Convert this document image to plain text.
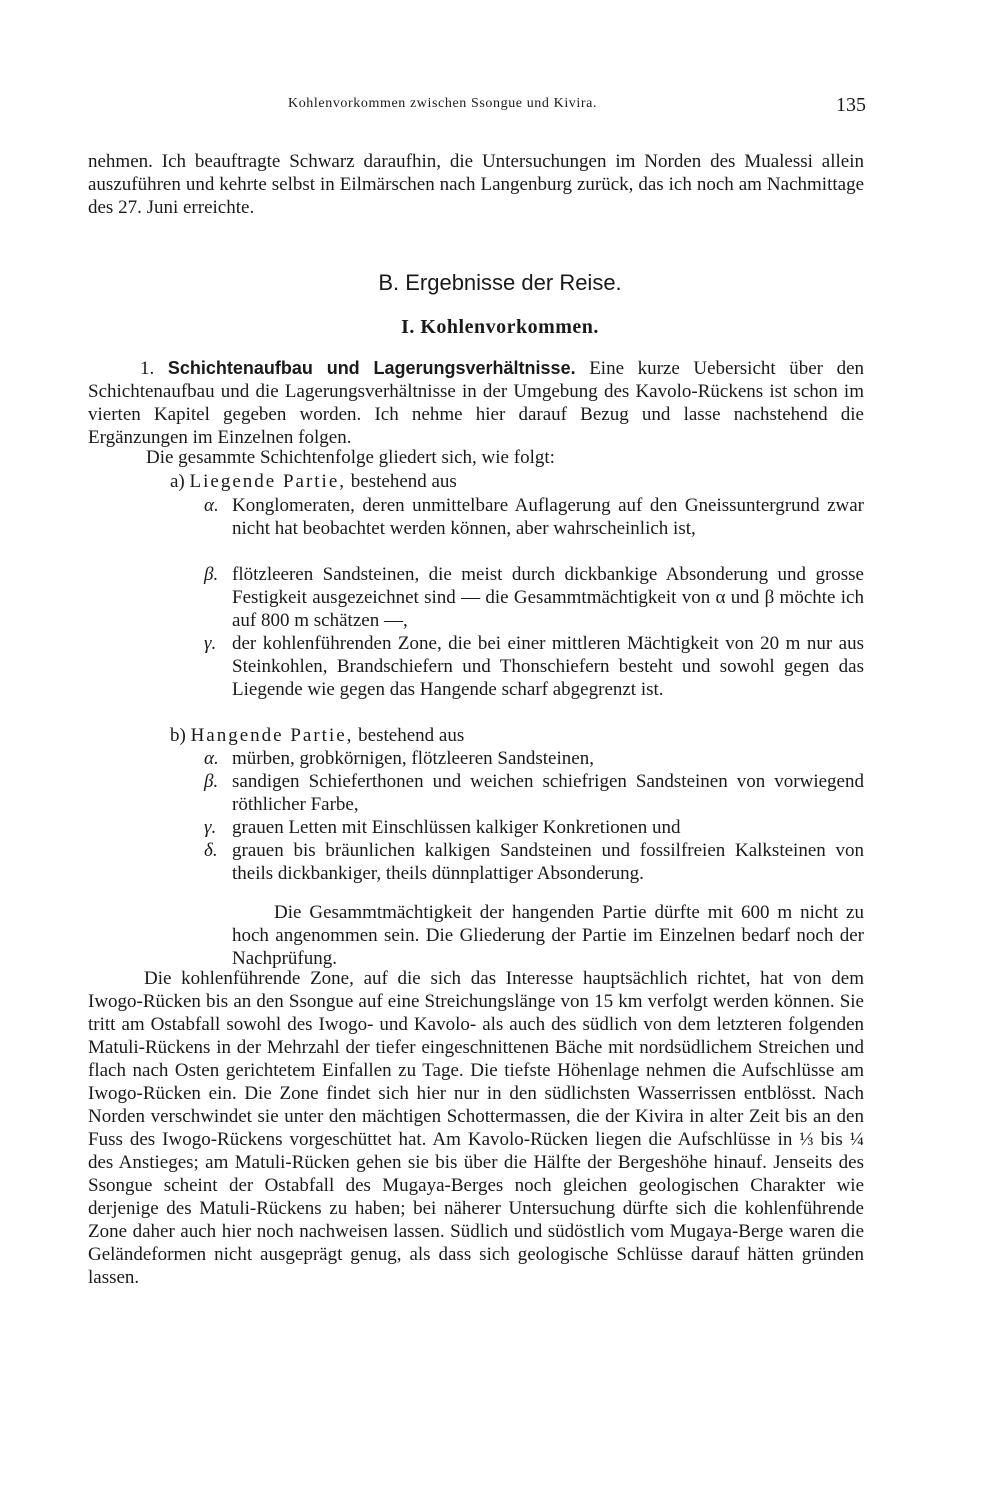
Kohlenvorkommen zwischen Ssongue und Kivira.	135

nehmen. Ich beauftragte Schwarz daraufhin, die Untersuchungen im Norden des Mualessi allein auszuführen und kehrte selbst in Eilmärschen nach Langenburg zurück, das ich noch am Nachmittage des 27. Juni erreichte.

B. Ergebnisse der Reise.
I. Kohlenvorkommen.

1. Schichtenaufbau und Lagerungsverhältnisse. Eine kurze Uebersicht über den Schichtenaufbau und die Lagerungsverhältnisse in der Umgebung des Kavolo-Rückens ist schon im vierten Kapitel gegeben worden. Ich nehme hier darauf Bezug und lasse nachstehend die Ergänzungen im Einzelnen folgen.

Die gesammte Schichtenfolge gliedert sich, wie folgt:

a) Liegende Partie, bestehend aus

α. Konglomeraten, deren unmittelbare Auflagerung auf den Gneissuntergrund zwar nicht hat beobachtet werden können, aber wahrscheinlich ist,
β. flötzleeren Sandsteinen, die meist durch dickbankige Absonderung und grosse Festigkeit ausgezeichnet sind — die Gesammtmächtigkeit von α und β möchte ich auf 800 m schätzen —,
γ. der kohlenführenden Zone, die bei einer mittleren Mächtigkeit von 20 m nur aus Steinkohlen, Brandschiefern und Thonschiefern besteht und sowohl gegen das Liegende wie gegen das Hangende scharf abgegrenzt ist.

b) Hangende Partie, bestehend aus

α. mürben, grobkörnigen, flötzleeren Sandsteinen,
β. sandigen Schieferthonen und weichen schiefrigen Sandsteinen von vorwiegend röthlicher Farbe,
γ. grauen Letten mit Einschlüssen kalkiger Konkretionen und
δ. grauen bis bräunlichen kalkigen Sandsteinen und fossilfreien Kalksteinen von theils dickbankiger, theils dünnplattiger Absonderung.

Die Gesammtmächtigkeit der hangenden Partie dürfte mit 600 m nicht zu hoch angenommen sein. Die Gliederung der Partie im Einzelnen bedarf noch der Nachprüfung.

Die kohlenführende Zone, auf die sich das Interesse hauptsächlich richtet, hat von dem Iwogo-Rücken bis an den Ssongue auf eine Streichungslänge von 15 km verfolgt werden können. Sie tritt am Ostabfall sowohl des Iwogo- und Kavolo- als auch des südlich von dem letzteren folgenden Matuli-Rückens in der Mehrzahl der tiefer eingeschnittenen Bäche mit nordsüdlichem Streichen und flach nach Osten gerichtetem Einfallen zu Tage. Die tiefste Höhenlage nehmen die Aufschlüsse am Iwogo-Rücken ein. Die Zone findet sich hier nur in den südlichsten Wasserrissen entblösst. Nach Norden verschwindet sie unter den mächtigen Schottermassen, die der Kivira in alter Zeit bis an den Fuss des Iwogo-Rückens vorgeschüttet hat. Am Kavolo-Rücken liegen die Aufschlüsse in ⅓ bis ¼ des Anstieges; am Matuli-Rücken gehen sie bis über die Hälfte der Bergeshöhe hinauf. Jenseits des Ssongue scheint der Ostabfall des Mugaya-Berges noch gleichen geologischen Charakter wie derjenige des Matuli-Rückens zu haben; bei näherer Untersuchung dürfte sich die kohlenführende Zone daher auch hier noch nachweisen lassen. Südlich und südöstlich vom Mugaya-Berge waren die Geländeformen nicht ausgeprägt genug, als dass sich geologische Schlüsse darauf hätten gründen lassen.
